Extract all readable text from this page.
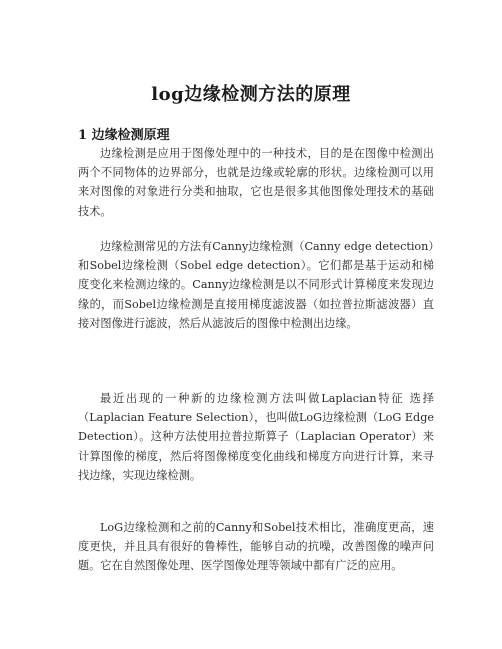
log边缘检测方法的原理
1 边缘检测原理

边缘检测是应用于图像处理中的一种技术，目的是在图像中检测出两个不同物体的边界部分，也就是边缘或轮廓的形状。边缘检测可以用来对图像的对象进行分类和抽取，它也是很多其他图像处理技术的基础技术。

边缘检测常见的方法有Canny边缘检测（Canny edge detection）和Sobel边缘检测（Sobel edge detection）。它们都是基于运动和梯度变化来检测边缘的。Canny边缘检测是以不同形式计算梯度来发现边缘的，而Sobel边缘检测是直接用梯度滤波器（如拉普拉斯滤波器）直接对图像进行滤波，然后从滤波后的图像中检测出边缘。

最近出现的一种新的边缘检测方法叫做Laplacian特征 选择（Laplacian Feature Selection），也叫做LoG边缘检测（LoG Edge Detection）。这种方法使用拉普拉斯算子（Laplacian Operator）来计算图像的梯度，然后将图像梯度变化曲线和梯度方向进行计算，来寻找边缘，实现边缘检测。

LoG边缘检测和之前的Canny和Sobel技术相比，准确度更高，速度更快，并且具有很好的鲁棒性，能够自动的抗噪，改善图像的噪声问题。它在自然图像处理、医学图像处理等领域中都有广泛的应用。
